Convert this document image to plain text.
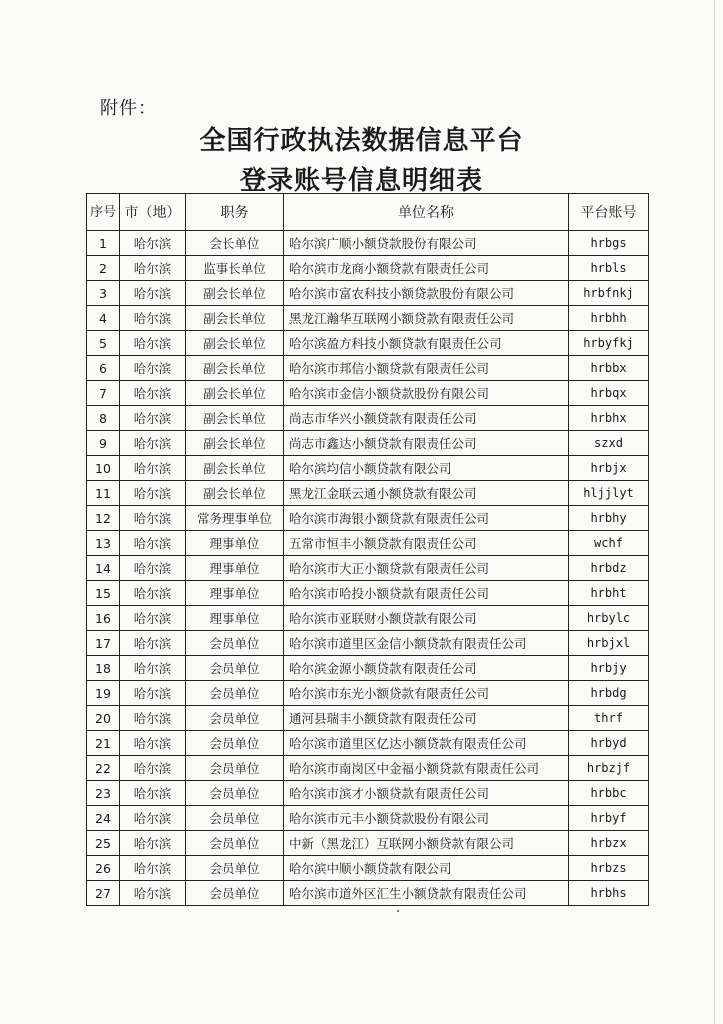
附件：
全国行政执法数据信息平台
登录账号信息明细表
序号	市（地）	职务	单位名称	平台账号
1	哈尔滨	会长单位	哈尔滨广顺小额贷款股份有限公司	hrbgs
2	哈尔滨	监事长单位	哈尔滨市龙商小额贷款有限责任公司	hrbls
3	哈尔滨	副会长单位	哈尔滨市富农科技小额贷款股份有限公司	hrbfnkj
4	哈尔滨	副会长单位	黑龙江瀚华互联网小额贷款有限责任公司	hrbhh
5	哈尔滨	副会长单位	哈尔滨盈方科技小额贷款有限责任公司	hrbyfkj
6	哈尔滨	副会长单位	哈尔滨市邦信小额贷款有限责任公司	hrbbx
7	哈尔滨	副会长单位	哈尔滨市金信小额贷款股份有限公司	hrbqx
8	哈尔滨	副会长单位	尚志市华兴小额贷款有限责任公司	hrbhx
9	哈尔滨	副会长单位	尚志市鑫达小额贷款有限责任公司	szxd
10	哈尔滨	副会长单位	哈尔滨均信小额贷款有限公司	hrbjx
11	哈尔滨	副会长单位	黑龙江金联云通小额贷款有限公司	hljjlyt
12	哈尔滨	常务理事单位	哈尔滨市海银小额贷款有限责任公司	hrbhy
13	哈尔滨	理事单位	五常市恒丰小额贷款有限责任公司	wchf
14	哈尔滨	理事单位	哈尔滨市大正小额贷款有限责任公司	hrbdz
15	哈尔滨	理事单位	哈尔滨市哈投小额贷款有限责任公司	hrbht
16	哈尔滨	理事单位	哈尔滨市亚联财小额贷款有限公司	hrbylc
17	哈尔滨	会员单位	哈尔滨市道里区金信小额贷款有限责任公司	hrbjxl
18	哈尔滨	会员单位	哈尔滨金源小额贷款有限责任公司	hrbjy
19	哈尔滨	会员单位	哈尔滨市东光小额贷款有限责任公司	hrbdg
20	哈尔滨	会员单位	通河县瑞丰小额贷款有限责任公司	thrf
21	哈尔滨	会员单位	哈尔滨市道里区亿达小额贷款有限责任公司	hrbyd
22	哈尔滨	会员单位	哈尔滨市南岗区中金福小额贷款有限责任公司	hrbzjf
23	哈尔滨	会员单位	哈尔滨市滨才小额贷款有限责任公司	hrbbc
24	哈尔滨	会员单位	哈尔滨市元丰小额贷款股份有限公司	hrbyf
25	哈尔滨	会员单位	中新（黑龙江）互联网小额贷款有限公司	hrbzx
26	哈尔滨	会员单位	哈尔滨中顺小额贷款有限公司	hrbzs
27	哈尔滨	会员单位	哈尔滨市道外区汇生小额贷款有限责任公司	hrbhs
